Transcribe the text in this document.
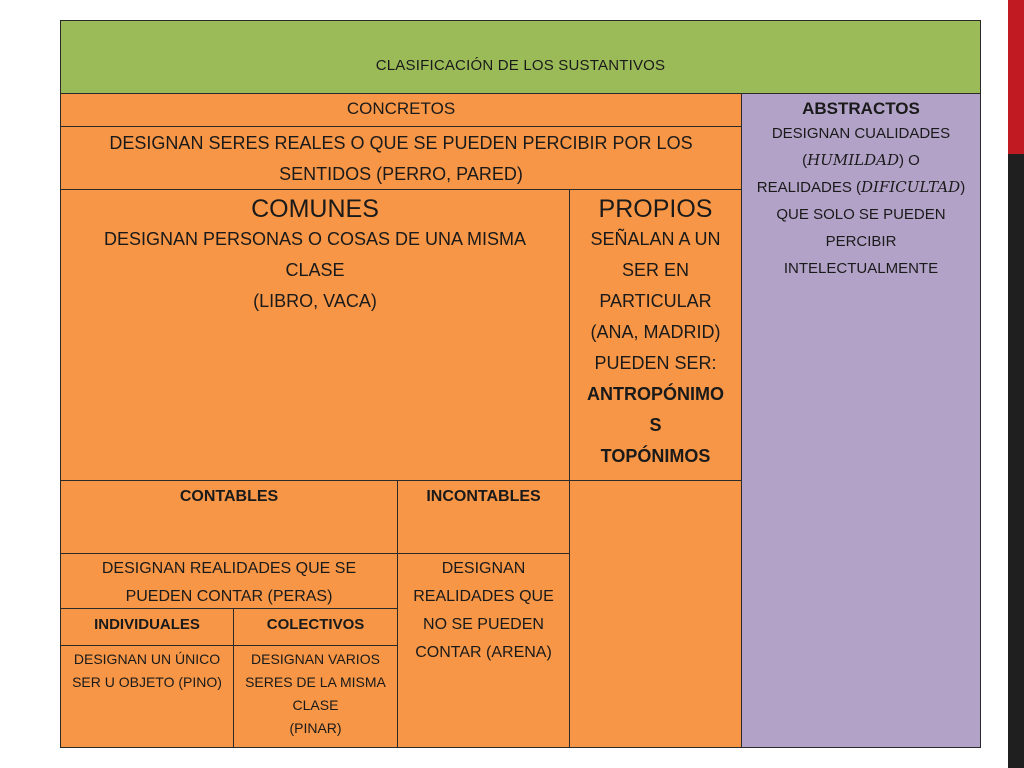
CLASIFICACIÓN DE LOS SUSTANTIVOS
CONCRETOS
DESIGNAN SERES REALES O QUE SE PUEDEN PERCIBIR POR LOS
SENTIDOS (PERRO, PARED)
ABSTRACTOS
DESIGNAN CUALIDADES
(HUMILDAD) O
REALIDADES (DIFICULTAD)
QUE SOLO SE PUEDEN
PERCIBIR
INTELECTUALMENTE
COMUNES
DESIGNAN PERSONAS O COSAS DE UNA MISMA
CLASE
(LIBRO, VACA)
PROPIOS
SEÑALAN A UN
SER EN
PARTICULAR
(ANA, MADRID)
PUEDEN SER:
ANTROPÓNIMO
S
TOPÓNIMOS
CONTABLES	INCONTABLES
DESIGNAN REALIDADES QUE SE
PUEDEN CONTAR (PERAS)
DESIGNAN
REALIDADES QUE
NO SE PUEDEN
CONTAR (ARENA)
INDIVIDUALES	COLECTIVOS
DESIGNAN UN ÚNICO
SER U OBJETO (PINO)
DESIGNAN VARIOS
SERES DE LA MISMA
CLASE
(PINAR)
